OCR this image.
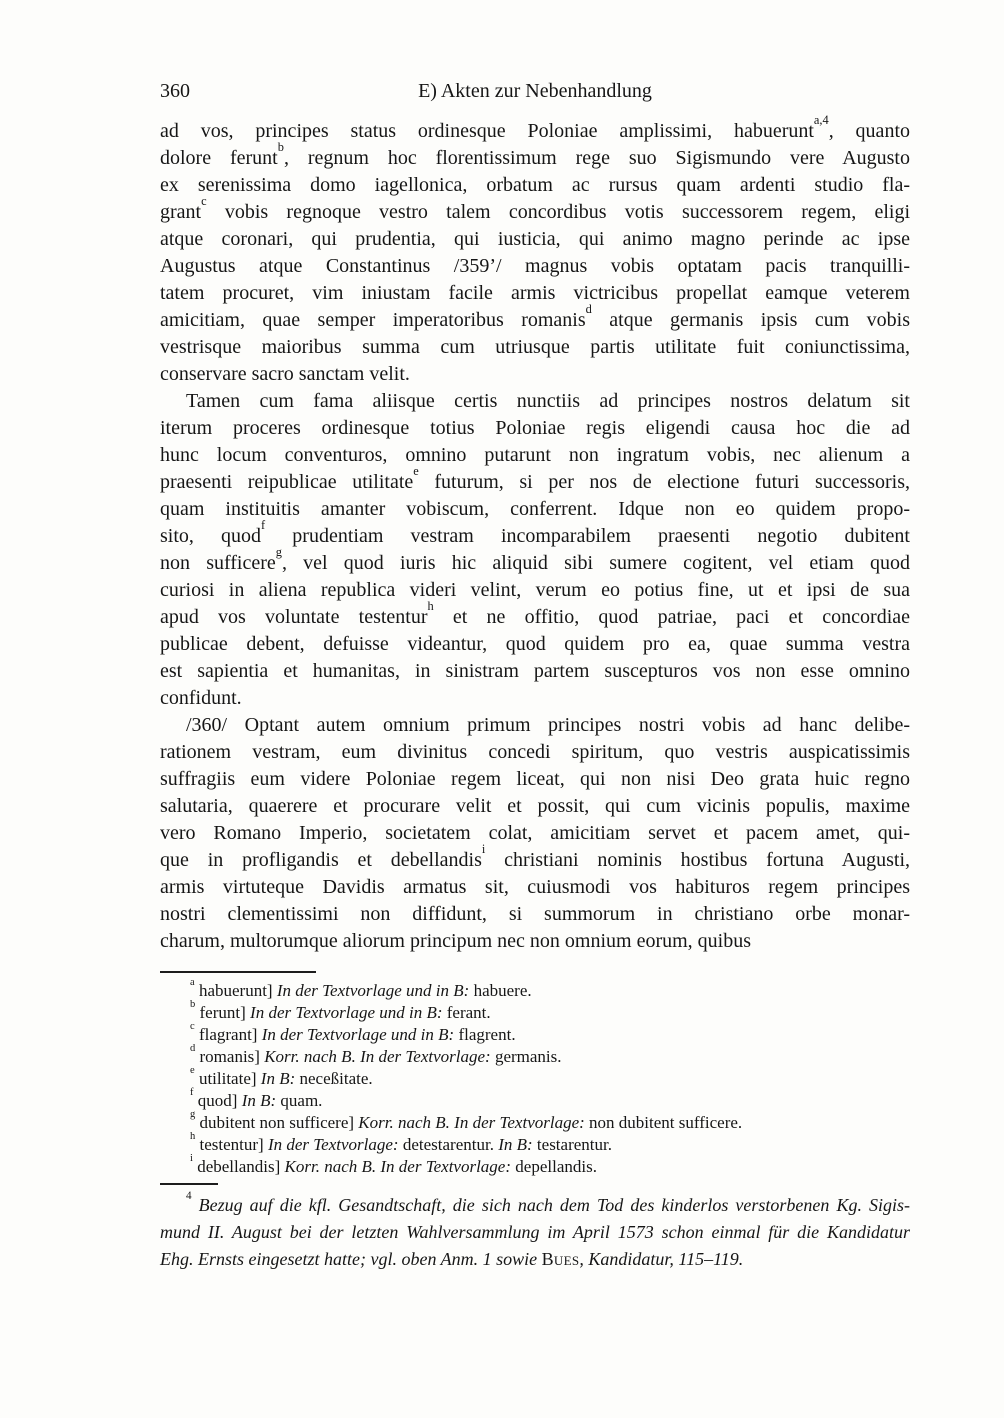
360	E) Akten zur Nebenhandlung
ad vos, principes status ordinesque Poloniae amplissimi, habuerunt$^{a,4}$, quanto
dolore ferunt$^b$, regnum hoc florentissimum rege suo Sigismundo vere Augusto
ex serenissima domo iagellonica, orbatum ac rursus quam ardenti studio fla-
grant$^c$ vobis regnoque vestro talem concordibus votis successorem regem, eligi
atque coronari, qui prudentia, qui iusticia, qui animo magno perinde ac ipse
Augustus atque Constantinus /359’/ magnus vobis optatam pacis tranquilli-
tatem procuret, vim iniustam facile armis victricibus propellat eamque veterem
amicitiam, quae semper imperatoribus romanis$^d$ atque germanis ipsis cum vobis
vestrisque maioribus summa cum utriusque partis utilitate fuit coniunctissima,
conservare sacro sanctam velit.
Tamen cum fama aliisque certis nunctiis ad principes nostros delatum sit
iterum proceres ordinesque totius Poloniae regis eligendi causa hoc die ad
hunc locum conventuros, omnino putarunt non ingratum vobis, nec alienum a
praesenti reipublicae utilitate$^e$ futurum, si per nos de electione futuri successoris,
quam instituitis amanter vobiscum, conferrent. Idque non eo quidem propo-
sito, quod$^f$ prudentiam vestram incomparabilem praesenti negotio dubitent
non sufficere$^g$, vel quod iuris hic aliquid sibi sumere cogitent, vel etiam quod
curiosi in aliena republica videri velint, verum eo potius fine, ut et ipsi de sua
apud vos voluntate testentur$^h$ et ne offitio, quod patriae, paci et concordiae
publicae debent, defuisse videantur, quod quidem pro ea, quae summa vestra
est sapientia et humanitas, in sinistram partem suscepturos vos non esse omnino
confidunt.
/360/ Optant autem omnium primum principes nostri vobis ad hanc delibe-
rationem vestram, eum divinitus concedi spiritum, quo vestris auspicatissimis
suffragiis eum videre Poloniae regem liceat, qui non nisi Deo grata huic regno
salutaria, quaerere et procurare velit et possit, qui cum vicinis populis, maxime
vero Romano Imperio, societatem colat, amicitiam servet et pacem amet, qui-
que in profligandis et debellandis$^i$ christiani nominis hostibus fortuna Augusti,
armis virtuteque Davidis armatus sit, cuiusmodi vos habituros regem principes
nostri clementissimi non diffidunt, si summorum in christiano orbe monar-
charum, multorumque aliorum principum nec non omnium eorum, quibus
$^a$ habuerunt] In der Textvorlage und in B: habuere.
$^b$ ferunt] In der Textvorlage und in B: ferant.
$^c$ flagrant] In der Textvorlage und in B: flagrent.
$^d$ romanis] Korr. nach B. In der Textvorlage: germanis.
$^e$ utilitate] In B: neceßitate.
$^f$ quod] In B: quam.
$^g$ dubitent non sufficere] Korr. nach B. In der Textvorlage: non dubitent sufficere.
$^h$ testentur] In der Textvorlage: detestarentur. In B: testarentur.
$^i$ debellandis] Korr. nach B. In der Textvorlage: depellandis.
$^4$ Bezug auf die kfl. Gesandtschaft, die sich nach dem Tod des kinderlos verstorbenen Kg. Sigis-
mund II. August bei der letzten Wahlversammlung im April 1573 schon einmal für die Kandidatur
Ehg. Ernsts eingesetzt hatte; vgl. oben Anm. 1 sowie Bues, Kandidatur, 115–119.
